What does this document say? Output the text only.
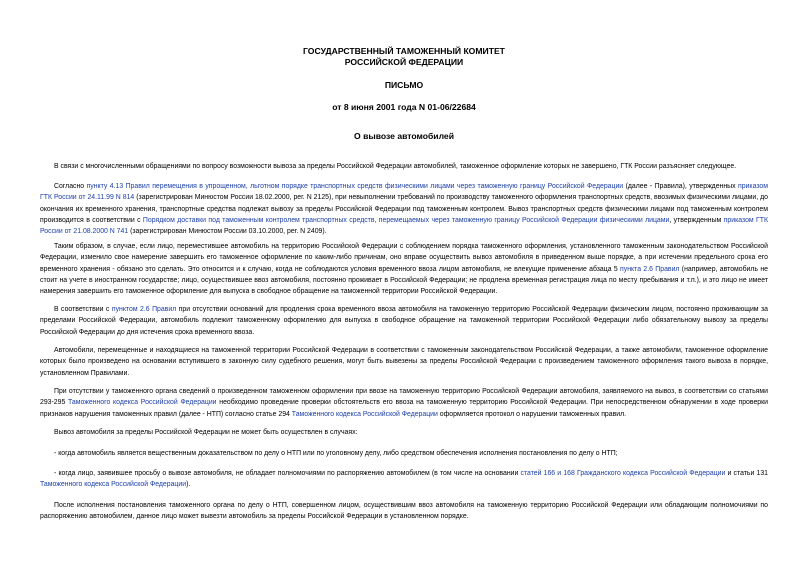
ГОСУДАРСТВЕННЫЙ ТАМОЖЕННЫЙ КОМИТЕТ
РОССИЙСКОЙ ФЕДЕРАЦИИ
ПИСЬМО
от 8 июня 2001 года N 01-06/22684
О вывозе автомобилей

В связи с многочисленными обращениями по вопросу возможности вывоза за пределы Российской Федерации автомобилей, таможенное оформление которых не завершено, ГТК России разъясняет следующее.

Согласно пункту 4.13 Правил перемещения в упрощенном, льготном порядке транспортных средств физическими лицами через таможенную границу Российской Федерации (далее - Правила), утвержденных приказом ГТК России от 24.11.99 N 814 (зарегистрирован Минюстом России 18.02.2000, рег. N 2125), при невыполнении требований по производству таможенного оформления транспортных средств, ввозимых физическими лицами, до окончания их временного хранения, транспортные средства подлежат вывозу за пределы Российской Федерации под таможенным контролем. Вывоз транспортных средств физическими лицами под таможенным контролем производится в соответствии с Порядком доставки под таможенным контролем транспортных средств, перемещаемых через таможенную границу Российской Федерации физическими лицами, утвержденным приказом ГТК России от 21.08.2000 N 741 (зарегистрирован Минюстом России 03.10.2000, рег. N 2409).

Таким образом, в случае, если лицо, переместившее автомобиль на территорию Российской Федерации с соблюдением порядка таможенного оформления, установленного таможенным законодательством Российской Федерации, изменило свое намерение завершить его таможенное оформление по каким-либо причинам, оно вправе осуществить вывоз автомобиля в приведенном выше порядке, а при истечении предельного срока его временного хранения - обязано это сделать. Это относится и к случаю, когда не соблюдаются условия временного ввоза лицом автомобиля, не влекущие применение абзаца 5 пункта 2.6 Правил (например, автомобиль не стоит на учете в иностранном государстве; лицо, осуществившее ввоз автомобиля, постоянно проживает в Российской Федерации; не продлена временная регистрация лица по месту пребывания и т.п.), и это лицо не имеет намерения завершить его таможенное оформление для выпуска в свободное обращение на таможенной территории Российской Федерации.

В соответствии с пунктом 2.6 Правил при отсутствии оснований для продления срока временного ввоза автомобиля на таможенную территорию Российской Федерации физическим лицом, постоянно проживающим за пределами Российской Федерации, автомобиль подлежит таможенному оформлению для выпуска в свободное обращение на таможенной территории Российской Федерации либо обязательному вывозу за пределы Российской Федерации до дня истечения срока временного ввоза.

Автомобили, перемещенные и находящиеся на таможенной территории Российской Федерации в соответствии с таможенным законодательством Российской Федерации, а также автомобили, таможенное оформление которых было произведено на основании вступившего в законную силу судебного решения, могут быть вывезены за пределы Российской Федерации с произведением таможенного оформления такого вывоза в порядке, установленном Правилами.

При отсутствии у таможенного органа сведений о произведенном таможенном оформлении при ввозе на таможенную территорию Российской Федерации автомобиля, заявляемого на вывоз, в соответствии со статьями 293-295 Таможенного кодекса Российской Федерации необходимо проведение проверки обстоятельств его ввоза на таможенную территорию Российской Федерации. При непосредственном обнаружении в ходе проверки признаков нарушения таможенных правил (далее - НТП) согласно статье 294 Таможенного кодекса Российской Федерации оформляется протокол о нарушении таможенных правил.

Вывоз автомобиля за пределы Российской Федерации не может быть осуществлен в случаях:

- когда автомобиль является вещественным доказательством по делу о НТП или по уголовному делу, либо средством обеспечения исполнения постановления по делу о НТП;

- когда лицо, заявившее просьбу о вывозе автомобиля, не обладает полномочиями по распоряжению автомобилем (в том числе на основании статей 166 и 168 Гражданского кодекса Российской Федерации и статьи 131 Таможенного кодекса Российской Федерации).

После исполнения постановления таможенного органа по делу о НТП, совершенном лицом, осуществившим ввоз автомобиля на таможенную территорию Российской Федерации или обладающим полномочиями по распоряжению автомобилем, данное лицо может вывезти автомобиль за пределы Российской Федерации в установленном порядке.
